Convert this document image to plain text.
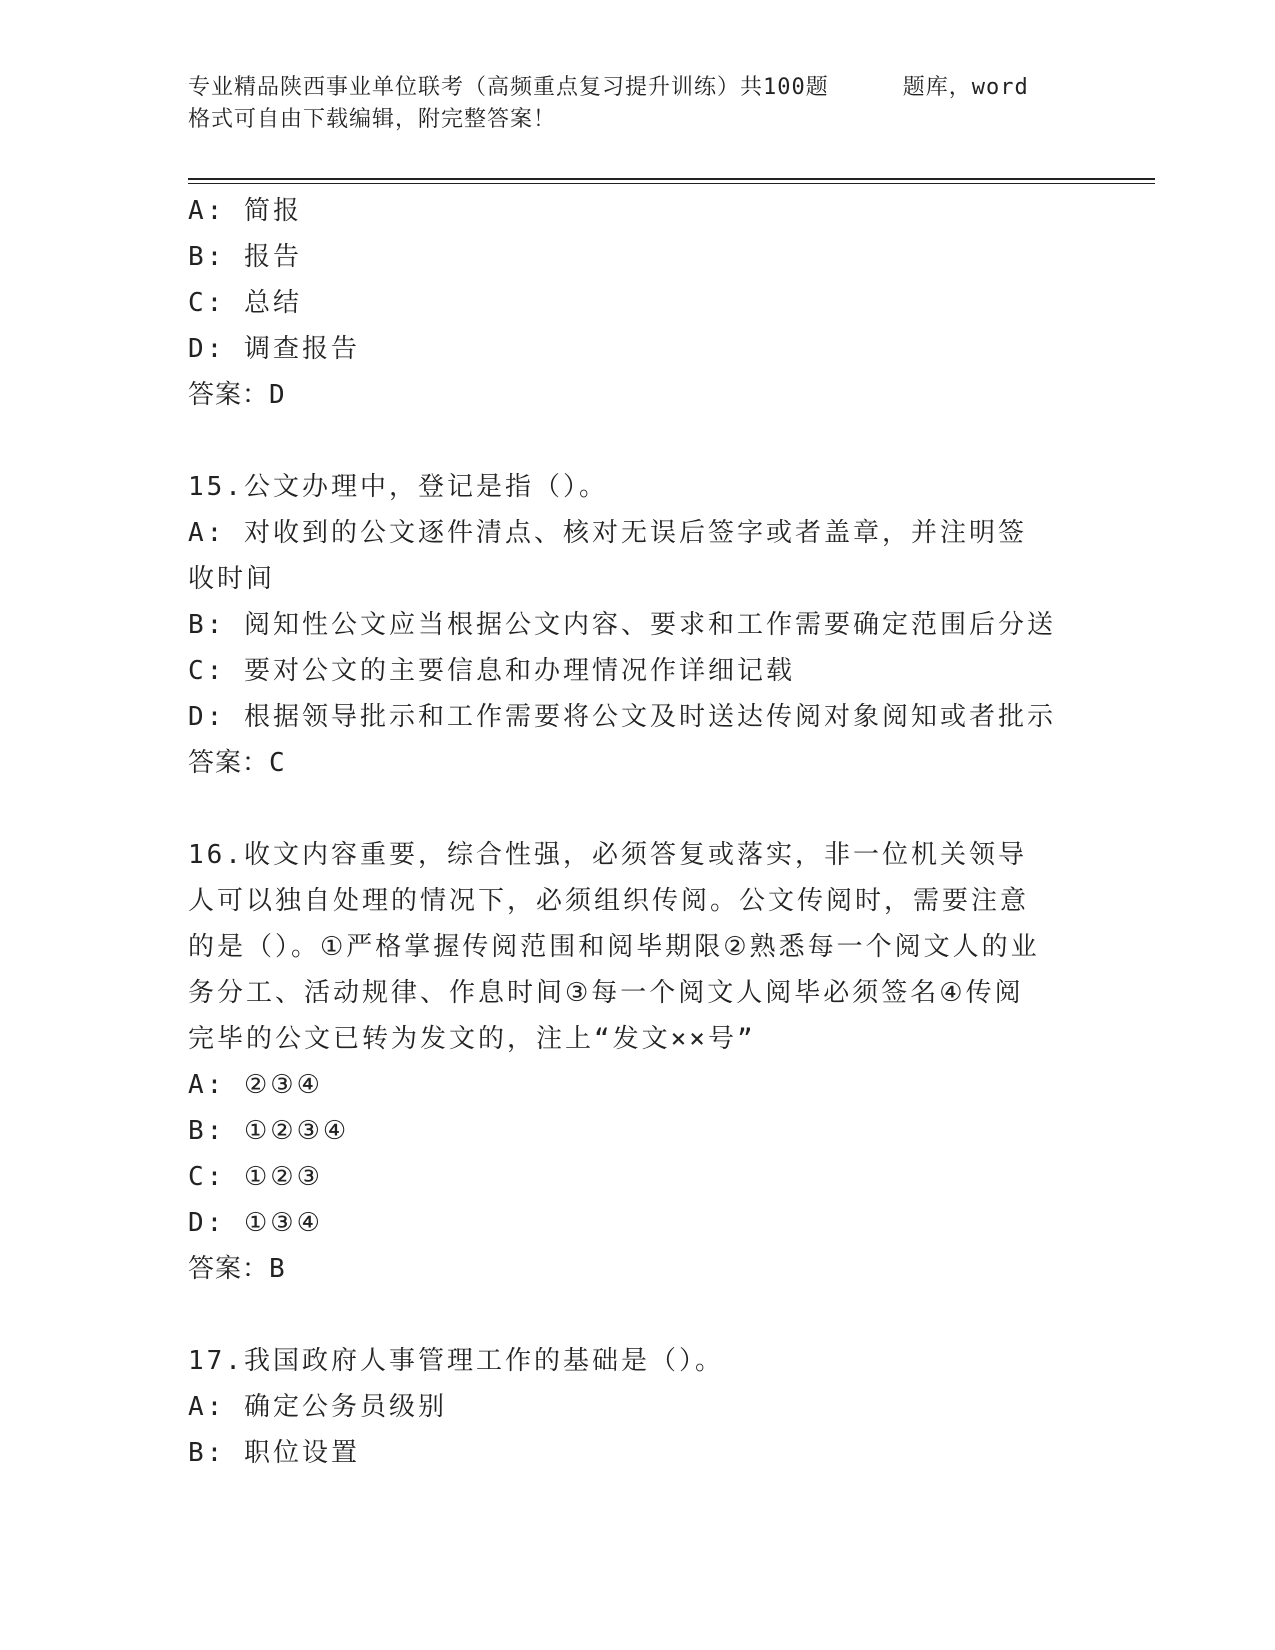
专业精品陕西事业单位联考（高频重点复习提升训练）共100题	题库，word
格式可自由下载编辑，附完整答案！
A: 简报
B: 报告
C: 总结
D: 调查报告
答案：D
15.公文办理中，登记是指（）。
A: 对收到的公文逐件清点、核对无误后签字或者盖章，并注明签收时间
B: 阅知性公文应当根据公文内容、要求和工作需要确定范围后分送
C: 要对公文的主要信息和办理情况作详细记载
D: 根据领导批示和工作需要将公文及时送达传阅对象阅知或者批示
答案：C
16.收文内容重要，综合性强，必须答复或落实，非一位机关领导人可以独自处理的情况下，必须组织传阅。公文传阅时，需要注意的是（）。①严格掌握传阅范围和阅毕期限②熟悉每一个阅文人的业务分工、活动规律、作息时间③每一个阅文人阅毕必须签名④传阅完毕的公文已转为发文的，注上“发文××号”
A: ②③④
B: ①②③④
C: ①②③
D: ①③④
答案：B
17.我国政府人事管理工作的基础是（）。
A: 确定公务员级别
B: 职位设置
